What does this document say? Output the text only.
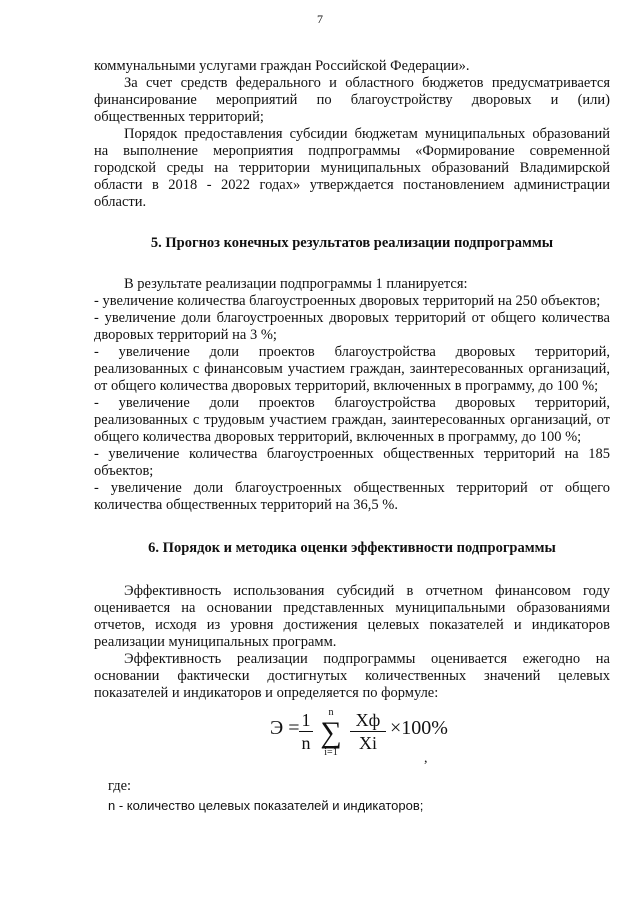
7

коммунальными услугами граждан Российской Федерации».

За счет средств федерального и областного бюджетов предусматривается финансирование мероприятий по благоустройству дворовых и (или) общественных территорий;

Порядок предоставления субсидии бюджетам муниципальных образований на выполнение мероприятия подпрограммы «Формирование современной городской среды на территории муниципальных образований Владимирской области в 2018 - 2022 годах» утверждается постановлением администрации области.

5. Прогноз конечных результатов реализации подпрограммы

В результате реализации подпрограммы 1 планируется:

- увеличение количества благоустроенных дворовых территорий на 250 объектов;

- увеличение доли благоустроенных дворовых территорий от общего количества дворовых территорий на 3 %;

- увеличение доли проектов благоустройства дворовых территорий, реализованных с финансовым участием граждан, заинтересованных организаций, от общего количества дворовых территорий, включенных в программу, до 100 %;

- увеличение доли проектов благоустройства дворовых территорий, реализованных с трудовым участием граждан, заинтересованных организаций, от общего количества дворовых территорий, включенных в программу, до 100 %;

- увеличение количества благоустроенных общественных территорий на 185 объектов;

- увеличение доли благоустроенных общественных территорий от общего количества общественных территорий на 36,5 %.

6. Порядок и методика оценки эффективности подпрограммы

Эффективность использования субсидий в отчетном финансовом году оценивается на основании представленных муниципальными образованиями отчетов, исходя из уровня достижения целевых показателей и индикаторов реализации муниципальных программ.

Эффективность реализации подпрограммы оценивается ежегодно на основании фактически достигнутых количественных значений целевых показателей и индикаторов и определяется по формуле:

Э = 1
n
n
∑
i=1
Хф
Хi
×100%
,

где:

n - количество целевых показателей и индикаторов;
